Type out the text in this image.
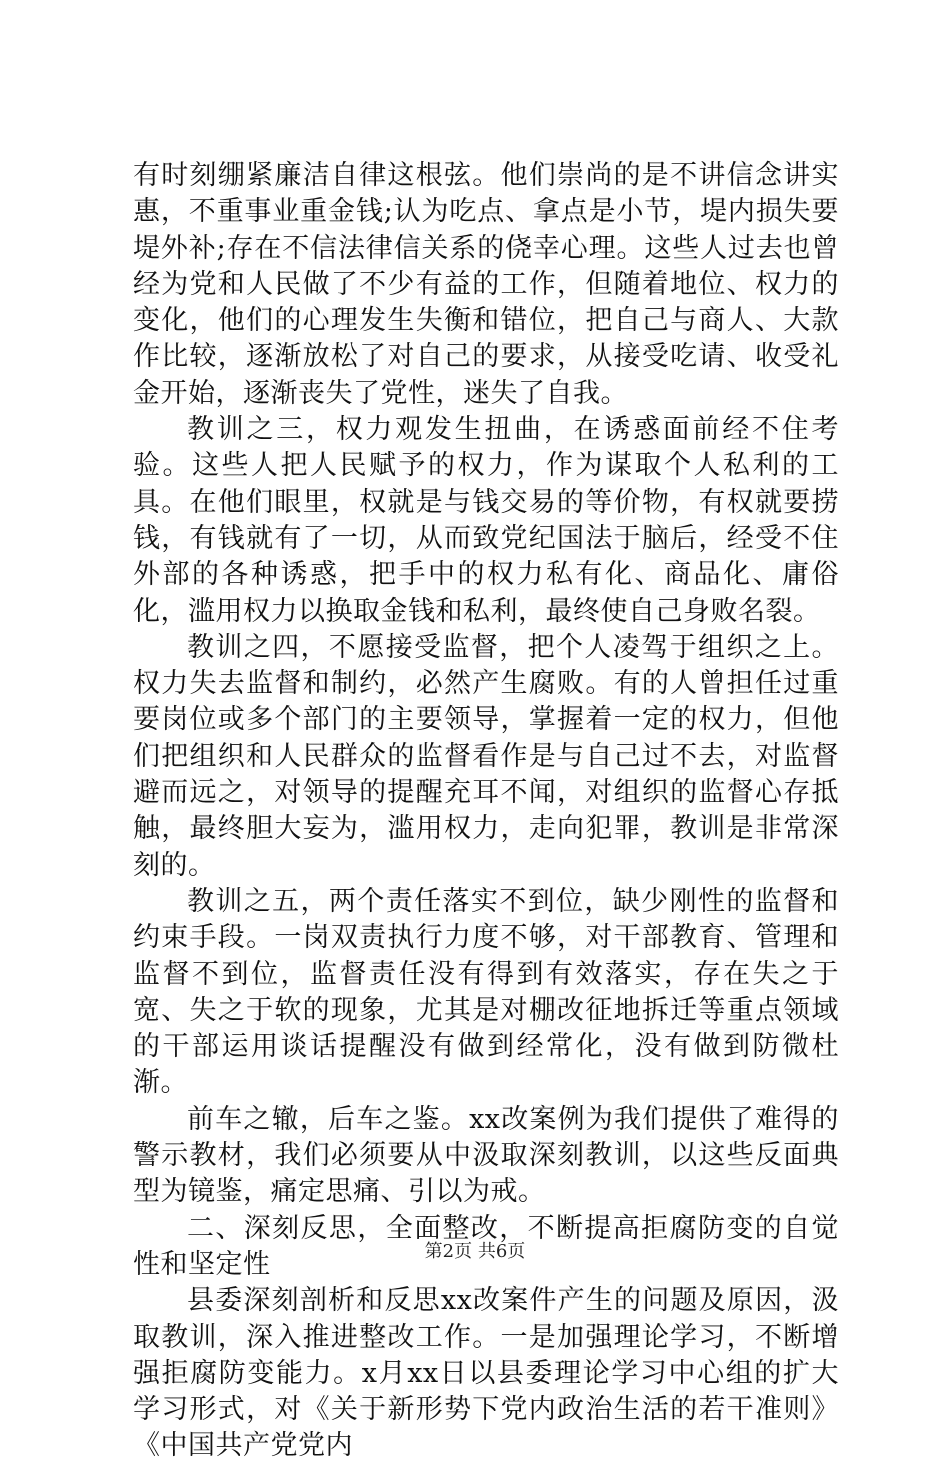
有时刻绷紧廉洁自律这根弦。他们崇尚的是不讲信念讲实惠，不重事业重金钱;认为吃点、拿点是小节，堤内损失要堤外补;存在不信法律信关系的侥幸心理。这些人过去也曾经为党和人民做了不少有益的工作，但随着地位、权力的变化，他们的心理发生失衡和错位，把自己与商人、大款作比较，逐渐放松了对自己的要求，从接受吃请、收受礼金开始，逐渐丧失了党性，迷失了自我。

教训之三，权力观发生扭曲，在诱惑面前经不住考验。这些人把人民赋予的权力，作为谋取个人私利的工具。在他们眼里，权就是与钱交易的等价物，有权就要捞钱，有钱就有了一切，从而致党纪国法于脑后，经受不住外部的各种诱惑，把手中的权力私有化、商品化、庸俗化，滥用权力以换取金钱和私利，最终使自己身败名裂。

教训之四，不愿接受监督，把个人凌驾于组织之上。权力失去监督和制约，必然产生腐败。有的人曾担任过重要岗位或多个部门的主要领导，掌握着一定的权力，但他们把组织和人民群众的监督看作是与自己过不去，对监督避而远之，对领导的提醒充耳不闻，对组织的监督心存抵触，最终胆大妄为，滥用权力，走向犯罪，教训是非常深刻的。

教训之五，两个责任落实不到位，缺少刚性的监督和约束手段。一岗双责执行力度不够，对干部教育、管理和监督不到位，监督责任没有得到有效落实，存在失之于宽、失之于软的现象，尤其是对棚改征地拆迁等重点领域的干部运用谈话提醒没有做到经常化，没有做到防微杜渐。

前车之辙，后车之鉴。xx改案例为我们提供了难得的警示教材，我们必须要从中汲取深刻教训，以这些反面典型为镜鉴，痛定思痛、引以为戒。

二、深刻反思，全面整改，不断提高拒腐防变的自觉性和坚定性

县委深刻剖析和反思xx改案件产生的问题及原因，汲取教训，深入推进整改工作。一是加强理论学习，不断增强拒腐防变能力。x月xx日以县委理论学习中心组的扩大学习形式，对《关于新形势下党内政治生活的若干准则》《中国共产党党内

第2页 共6页
